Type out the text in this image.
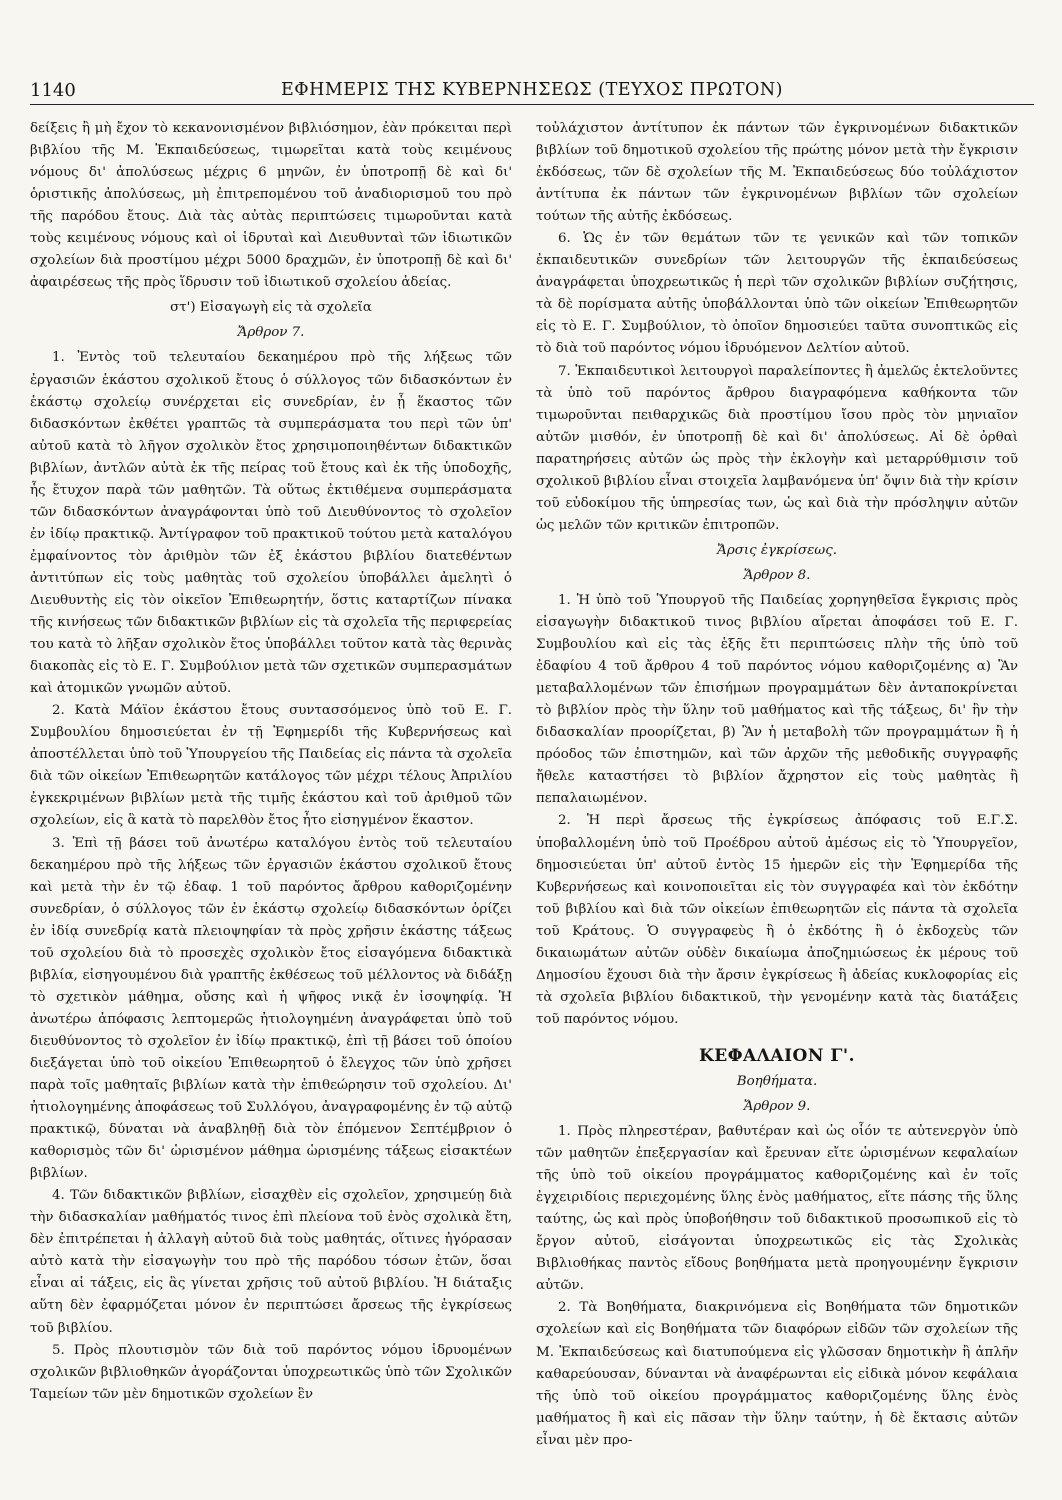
1140	ΕΦΗΜΕΡΙΣ ΤΗΣ ΚΥΒΕΡΝΗΣΕΩΣ (ΤΕΥΧΟΣ ΠΡΩΤΟΝ)

δείξεις ἢ μὴ ἔχον τὸ κεκανονισμένον βιβλιόσημον, ἐὰν πρόκειται περὶ βιβλίου τῆς Μ. Ἐκπαιδεύσεως, τιμωρεῖται κατὰ τοὺς κειμένους νόμους δι' ἀπολύσεως μέχρις 6 μηνῶν, ἐν ὑποτροπῇ δὲ καὶ δι' ὁριστικῆς ἀπολύσεως, μὴ ἐπιτρεπομένου τοῦ ἀναδιορισμοῦ του πρὸ τῆς παρόδου ἔτους. Διὰ τὰς αὐτὰς περιπτώσεις τιμωροῦνται κατὰ τοὺς κειμένους νόμους καὶ οἱ ἱδρυταὶ καὶ Διευθυνταὶ τῶν ἰδιωτικῶν σχολείων διὰ προστίμου μέχρι 5000 δραχμῶν, ἐν ὑποτροπῇ δὲ καὶ δι' ἀφαιρέσεως τῆς πρὸς ἵδρυσιν τοῦ ἰδιωτικοῦ σχολείου ἀδείας.

στ') Εἰσαγωγὴ εἰς τὰ σχολεῖα
Ἄρθρον 7.

1. Ἐντὸς τοῦ τελευταίου δεκαημέρου πρὸ τῆς λήξεως τῶν ἐργασιῶν ἑκάστου σχολικοῦ ἔτους ὁ σύλλογος τῶν διδασκόντων ἐν ἑκάστῳ σχολείῳ συνέρχεται εἰς συνεδρίαν, ἐν ᾗ ἕκαστος τῶν διδασκόντων ἐκθέτει γραπτῶς τὰ συμπεράσματα του περὶ τῶν ὑπ' αὐτοῦ κατὰ τὸ λῆγον σχολικὸν ἔτος χρησιμοποιηθέντων διδακτικῶν βιβλίων, ἀντλῶν αὐτὰ ἐκ τῆς πείρας τοῦ ἔτους καὶ ἐκ τῆς ὑποδοχῆς, ἧς ἔτυχον παρὰ τῶν μαθητῶν. Τὰ οὕτως ἐκτιθέμενα συμπεράσματα τῶν διδασκόντων ἀναγράφονται ὑπὸ τοῦ Διευθύνοντος τὸ σχολεῖον ἐν ἰδίῳ πρακτικῷ. Ἀντίγραφον τοῦ πρακτικοῦ τούτου μετὰ καταλόγου ἐμφαίνοντος τὸν ἀριθμὸν τῶν ἐξ ἑκάστου βιβλίου διατεθέντων ἀντιτύπων εἰς τοὺς μαθητὰς τοῦ σχολείου ὑποβάλλει ἀμελητὶ ὁ Διευθυντὴς εἰς τὸν οἰκεῖον Ἐπιθεωρητήν, ὅστις καταρτίζων πίνακα τῆς κινήσεως τῶν διδακτικῶν βιβλίων εἰς τὰ σχολεῖα τῆς περιφερείας του κατὰ τὸ λῆξαν σχολικὸν ἔτος ὑποβάλλει τοῦτον κατὰ τὰς θερινὰς διακοπὰς εἰς τὸ Ε. Γ. Συμβούλιον μετὰ τῶν σχετικῶν συμπερασμάτων καὶ ἀτομικῶν γνωμῶν αὐτοῦ.

2. Κατὰ Μάϊον ἑκάστου ἔτους συντασσόμενος ὑπὸ τοῦ Ε. Γ. Συμβουλίου δημοσιεύεται ἐν τῇ Ἐφημερίδι τῆς Κυβερνήσεως καὶ ἀποστέλλεται ὑπὸ τοῦ Ὑπουργείου τῆς Παιδείας εἰς πάντα τὰ σχολεῖα διὰ τῶν οἰκείων Ἐπιθεωρητῶν κατάλογος τῶν μέχρι τέλους Ἀπριλίου ἐγκεκριμένων βιβλίων μετὰ τῆς τιμῆς ἑκάστου καὶ τοῦ ἀριθμοῦ τῶν σχολείων, εἰς ἃ κατὰ τὸ παρελθὸν ἔτος ἦτο εἰσηγμένον ἕκαστον.

3. Ἐπὶ τῇ βάσει τοῦ ἀνωτέρω καταλόγου ἐντὸς τοῦ τελευταίου δεκαημέρου πρὸ τῆς λήξεως τῶν ἐργασιῶν ἑκάστου σχολικοῦ ἔτους καὶ μετὰ τὴν ἐν τῷ ἐδαφ. 1 τοῦ παρόντος ἄρθρου καθοριζομένην συνεδρίαν, ὁ σύλλογος τῶν ἐν ἑκάστῳ σχολείῳ διδασκόντων ὁρίζει ἐν ἰδίᾳ συνεδρίᾳ κατὰ πλειοψηφίαν τὰ πρὸς χρῆσιν ἑκάστης τάξεως τοῦ σχολείου διὰ τὸ προσεχὲς σχολικὸν ἔτος εἰσαγόμενα διδακτικὰ βιβλία, εἰσηγουμένου διὰ γραπτῆς ἐκθέσεως τοῦ μέλλοντος νὰ διδάξῃ τὸ σχετικὸν μάθημα, οὔσης καὶ ἡ ψῆφος νικᾷ ἐν ἰσοψηφίᾳ. Ἡ ἀνωτέρω ἀπόφασις λεπτομερῶς ἠτιολογημένη ἀναγράφεται ὑπὸ τοῦ διευθύνοντος τὸ σχολεῖον ἐν ἰδίῳ πρακτικῷ, ἐπὶ τῇ βάσει τοῦ ὁποίου διεξάγεται ὑπὸ τοῦ οἰκείου Ἐπιθεωρητοῦ ὁ ἔλεγχος τῶν ὑπὸ χρῆσει παρὰ τοῖς μαθηταῖς βιβλίων κατὰ τὴν ἐπιθεώρησιν τοῦ σχολείου. Δι' ἠτιολογημένης ἀποφάσεως τοῦ Συλλόγου, ἀναγραφομένης ἐν τῷ αὐτῷ πρακτικῷ, δύναται νὰ ἀναβληθῇ διὰ τὸν ἑπόμενον Σεπτέμβριον ὁ καθορισμὸς τῶν δι' ὡρισμένον μάθημα ὡρισμένης τάξεως εἰσακτέων βιβλίων.

4. Τῶν διδακτικῶν βιβλίων, εἰσαχθὲν εἰς σχολεῖον, χρησιμεύῃ διὰ τὴν διδασκαλίαν μαθήματός τινος ἐπὶ πλείονα τοῦ ἑνὸς σχολικὰ ἔτη, δὲν ἐπιτρέπεται ἡ ἀλλαγὴ αὐτοῦ διὰ τοὺς μαθητάς, οἵτινες ἠγόρασαν αὐτὸ κατὰ τὴν εἰσαγωγὴν του πρὸ τῆς παρόδου τόσων ἐτῶν, ὅσαι εἶναι αἱ τάξεις, εἰς ἃς γίνεται χρῆσις τοῦ αὐτοῦ βιβλίου. Ἡ διάταξις αὕτη δὲν ἐφαρμόζεται μόνον ἐν περιπτώσει ἄρσεως τῆς ἐγκρίσεως τοῦ βιβλίου.

5. Πρὸς πλουτισμὸν τῶν διὰ τοῦ παρόντος νόμου ἱδρυομένων σχολικῶν βιβλιοθηκῶν ἀγοράζονται ὑποχρεωτικῶς ὑπὸ τῶν Σχολικῶν Ταμείων τῶν μὲν δημοτικῶν σχολείων ἓν

τοὐλάχιστον ἀντίτυπον ἐκ πάντων τῶν ἐγκρινομένων διδακτικῶν βιβλίων τοῦ δημοτικοῦ σχολείου τῆς πρώτης μόνον μετὰ τὴν ἔγκρισιν ἐκδόσεως, τῶν δὲ σχολείων τῆς Μ. Ἐκπαιδεύσεως δύο τοὐλάχιστον ἀντίτυπα ἐκ πάντων τῶν ἐγκρινομένων βιβλίων τῶν σχολείων τούτων τῆς αὐτῆς ἐκδόσεως.

6. Ὡς ἐν τῶν θεμάτων τῶν τε γενικῶν καὶ τῶν τοπικῶν ἐκπαιδευτικῶν συνεδρίων τῶν λειτουργῶν τῆς ἐκπαιδεύσεως ἀναγράφεται ὑποχρεωτικῶς ἡ περὶ τῶν σχολικῶν βιβλίων συζήτησις, τὰ δὲ πορίσματα αὐτῆς ὑποβάλλονται ὑπὸ τῶν οἰκείων Ἐπιθεωρητῶν εἰς τὸ Ε. Γ. Συμβούλιον, τὸ ὁποῖον δημοσιεύει ταῦτα συνοπτικῶς εἰς τὸ διὰ τοῦ παρόντος νόμου ἱδρυόμενον Δελτίον αὐτοῦ.

7. Ἐκπαιδευτικοὶ λειτουργοὶ παραλείποντες ἢ ἀμελῶς ἐκτελοῦντες τὰ ὑπὸ τοῦ παρόντος ἄρθρου διαγραφόμενα καθήκοντα τῶν τιμωροῦνται πειθαρχικῶς διὰ προστίμου ἴσου πρὸς τὸν μηνιαῖον αὐτῶν μισθόν, ἐν ὑποτροπῇ δὲ καὶ δι' ἀπολύσεως. Αἱ δὲ ὀρθαὶ παρατηρήσεις αὐτῶν ὡς πρὸς τὴν ἐκλογὴν καὶ μεταρρύθμισιν τοῦ σχολικοῦ βιβλίου εἶναι στοιχεῖα λαμβανόμενα ὑπ' ὄψιν διὰ τὴν κρίσιν τοῦ εὐδοκίμου τῆς ὑπηρεσίας των, ὡς καὶ διὰ τὴν πρόσληψιν αὐτῶν ὡς μελῶν τῶν κριτικῶν ἐπιτροπῶν.

Ἄρσις ἐγκρίσεως.
Ἄρθρον 8.

1. Ἡ ὑπὸ τοῦ Ὑπουργοῦ τῆς Παιδείας χορηγηθεῖσα ἔγκρισις πρὸς εἰσαγωγὴν διδακτικοῦ τινος βιβλίου αἴρεται ἀποφάσει τοῦ Ε. Γ. Συμβουλίου καὶ εἰς τὰς ἑξῆς ἔτι περιπτώσεις πλὴν τῆς ὑπὸ τοῦ ἐδαφίου 4 τοῦ ἄρθρου 4 τοῦ παρόντος νόμου καθοριζομένης α) Ἂν μεταβαλλομένων τῶν ἐπισήμων προγραμμάτων δὲν ἀνταποκρίνεται τὸ βιβλίον πρὸς τὴν ὕλην τοῦ μαθήματος καὶ τῆς τάξεως, δι' ἣν τὴν διδασκαλίαν προορίζεται, β) Ἂν ἡ μεταβολὴ τῶν προγραμμάτων ἢ ἡ πρόοδος τῶν ἐπιστημῶν, καὶ τῶν ἀρχῶν τῆς μεθοδικῆς συγγραφῆς ἤθελε καταστήσει τὸ βιβλίον ἄχρηστον εἰς τοὺς μαθητὰς ἢ πεπαλαιωμένον.

2. Ἡ περὶ ἄρσεως τῆς ἐγκρίσεως ἀπόφασις τοῦ Ε.Γ.Σ. ὑποβαλλομένη ὑπὸ τοῦ Προέδρου αὐτοῦ ἀμέσως εἰς τὸ Ὑπουργεῖον, δημοσιεύεται ὑπ' αὐτοῦ ἐντὸς 15 ἡμερῶν εἰς τὴν Ἐφημερίδα τῆς Κυβερνήσεως καὶ κοινοποιεῖται εἰς τὸν συγγραφέα καὶ τὸν ἐκδότην τοῦ βιβλίου καὶ διὰ τῶν οἰκείων ἐπιθεωρητῶν εἰς πάντα τὰ σχολεῖα τοῦ Κράτους. Ὁ συγγραφεὺς ἢ ὁ ἐκδότης ἢ ὁ ἐκδοχεὺς τῶν δικαιωμάτων αὐτῶν οὐδὲν δικαίωμα ἀποζημιώσεως ἐκ μέρους τοῦ Δημοσίου ἔχουσι διὰ τὴν ἄρσιν ἐγκρίσεως ἢ ἀδείας κυκλοφορίας εἰς τὰ σχολεῖα βιβλίου διδακτικοῦ, τὴν γενομένην κατὰ τὰς διατάξεις τοῦ παρόντος νόμου.

ΚΕΦΑΛΑΙΟΝ Γ'.
Βοηθήματα.
Ἄρθρον 9.

1. Πρὸς πληρεστέραν, βαθυτέραν καὶ ὡς οἷόν τε αὐτενεργὸν ὑπὸ τῶν μαθητῶν ἐπεξεργασίαν καὶ ἔρευναν εἴτε ὡρισμένων κεφαλαίων τῆς ὑπὸ τοῦ οἰκείου προγράμματος καθοριζομένης καὶ ἐν τοῖς ἐγχειριδίοις περιεχομένης ὕλης ἑνὸς μαθήματος, εἴτε πάσης τῆς ὕλης ταύτης, ὡς καὶ πρὸς ὑποβοήθησιν τοῦ διδακτικοῦ προσωπικοῦ εἰς τὸ ἔργον αὐτοῦ, εἰσάγονται ὑποχρεωτικῶς εἰς τὰς Σχολικὰς Βιβλιοθήκας παντὸς εἴδους βοηθήματα μετὰ προηγουμένην ἔγκρισιν αὐτῶν.

2. Τὰ Βοηθήματα, διακρινόμενα εἰς Βοηθήματα τῶν δημοτικῶν σχολείων καὶ εἰς Βοηθήματα τῶν διαφόρων εἰδῶν τῶν σχολείων τῆς Μ. Ἐκπαιδεύσεως καὶ διατυπούμενα εἰς γλῶσσαν δημοτικὴν ἢ ἁπλῆν καθαρεύουσαν, δύνανται νὰ ἀναφέρωνται εἰς εἰδικὰ μόνον κεφάλαια τῆς ὑπὸ τοῦ οἰκείου προγράμματος καθοριζομένης ὕλης ἑνὸς μαθήματος ἢ καὶ εἰς πᾶσαν τὴν ὕλην ταύτην, ἡ δὲ ἔκτασις αὐτῶν εἶναι μὲν προ-
